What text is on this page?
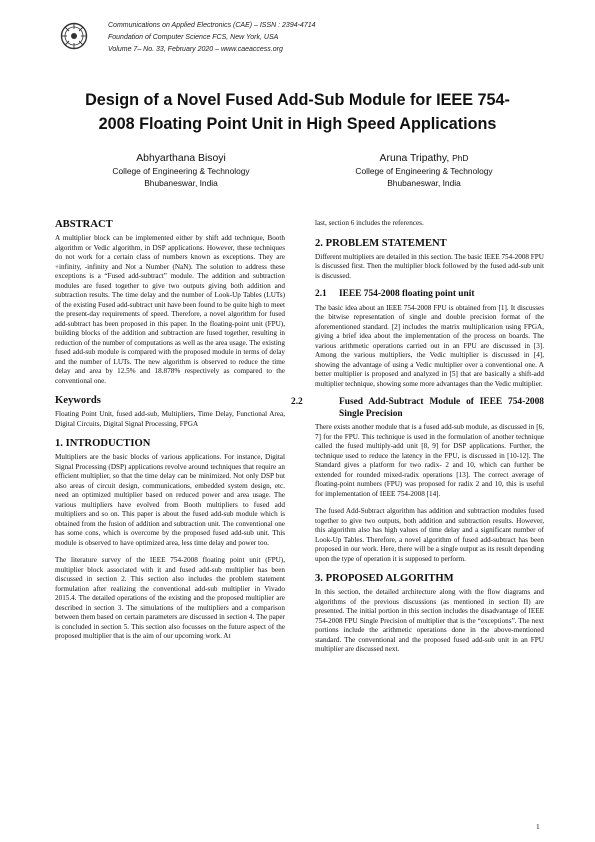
Communications on Applied Electronics (CAE) – ISSN : 2394-4714
Foundation of Computer Science FCS, New York, USA
Volume 7– No. 33, February 2020 – www.caeaccess.org
Design of a Novel Fused Add-Sub Module for IEEE 754-
2008 Floating Point Unit in High Speed Applications
Abhyarthana Bisoyi
College of Engineering & Technology
Bhubaneswar, India
Aruna Tripathy, PhD
College of Engineering & Technology
Bhubaneswar, India
ABSTRACT

A multiplier block can be implemented either by shift add technique, Booth algorithm or Vedic algorithm, in DSP applications. However, these techniques do not work for a certain class of numbers known as exceptions. They are +infinity, -infinity and Not a Number (NaN). The solution to address these exceptions is a “Fused add-subtract” module. The addition and subtraction modules are fused together to give two outputs giving both addition and subtraction results. The time delay and the number of Look-Up Tables (LUTs) of the existing Fused add-subtract unit have been found to be quite high to meet the present-day requirements of speed. Therefore, a novel algorithm for fused add-subtract has been proposed in this paper. In the floating-point unit (FPU), building blocks of the addition and subtraction are fused together, resulting in reduction of the number of computations as well as the area usage. The existing fused add-sub module is compared with the proposed module in terms of delay and the number of LUTs. The new algorithm is observed to reduce the time delay and area by 12.5% and 18.878% respectively as compared to the conventional one.

Keywords

Floating Point Unit, fused add-sub, Multipliers, Time Delay, Functional Area, Digital Circuits, Digital Signal Processing, FPGA

1. INTRODUCTION

Multipliers are the basic blocks of various applications. For instance, Digital Signal Processing (DSP) applications revolve around techniques that require an efficient multiplier, so that the time delay can be minimized. Not only DSP but also areas of circuit design, communications, embedded system design, etc. need an optimized multiplier based on reduced power and area usage. The various multipliers have evolved from Booth multipliers to fused add multipliers and so on. This paper is about the fused add-sub module which is obtained from the fusion of addition and subtraction unit. The conventional one has some cons, which is overcome by the proposed fused add-sub unit. This module is observed to have optimized area, less time delay and power too.

The literature survey of the IEEE 754-2008 floating point unit (FPU), multiplier block associated with it and fused add-sub multiplier has been discussed in section 2. This section also includes the problem statement formulation after realizing the conventional add-sub multiplier in Vivado 2015.4. The detailed operations of the existing and the proposed multiplier are described in section 3. The simulations of the multipliers and a comparison between them based on certain parameters are discussed in section 4. The paper is concluded in section 5. This section also focusses on the future aspect of the proposed multiplier that is the aim of our upcoming work. At

last, section 6 includes the references.

2. PROBLEM STATEMENT

Different multipliers are detailed in this section. The basic IEEE 754-2008 FPU is discussed first. Then the multiplier block followed by the fused add-sub unit is discussed.

2.1 IEEE 754-2008 floating point unit

The basic idea about an IEEE 754-2008 FPU is obtained from [1]. It discusses the bitwise representation of single and double precision format of the aforementioned standard. [2] includes the matrix multiplication using FPGA, giving a brief idea about the implementation of the process on boards. The various arithmetic operations carried out in an FPU are discussed in [3]. Among the various multipliers, the Vedic multiplier is discussed in [4], showing the advantage of using a Vedic multiplier over a conventional one. A better multiplier is proposed and analyzed in [5] that are basically a shift-add multiplier technique, showing some more advantages than the Vedic multiplier.

2.2	Fused Add-Subtract Module of IEEE 754-2008 Single Precision

There exists another module that is a fused add-sub module, as discussed in [6, 7] for the FPU. This technique is used in the formulation of another technique called the fused multiply-add unit [8, 9] for DSP applications. Further, the technique used to reduce the latency in the FPU, is discussed in [10-12]. The Standard gives a platform for two radix- 2 and 10, which can further be extended for rounded mixed-radix operations [13]. The correct average of floating-point numbers (FPU) was proposed for radix 2 and 10, this is useful for implementation of IEEE 754-2008 [14].

The fused Add-Subtract algorithm has addition and subtraction modules fused together to give two outputs, both addition and subtraction results. However, this algorithm also has high values of time delay and a significant number of Look-Up Tables. Therefore, a novel algorithm of fused add-subtract has been proposed in our work. Here, there will be a single output as its result depending upon the type of operation it is supposed to perform.

3. PROPOSED ALGORITHM

In this section, the detailed architecture along with the flow diagrams and algorithms of the previous discussions (as mentioned in section II) are presented. The initial portion in this section includes the disadvantage of IEEE 754-2008 FPU Single Precision of multiplier that is the “exceptions”. The next portions include the arithmetic operations done in the above-mentioned standard. The conventional and the proposed fused add-sub unit in an FPU multiplier are discussed next.

1
